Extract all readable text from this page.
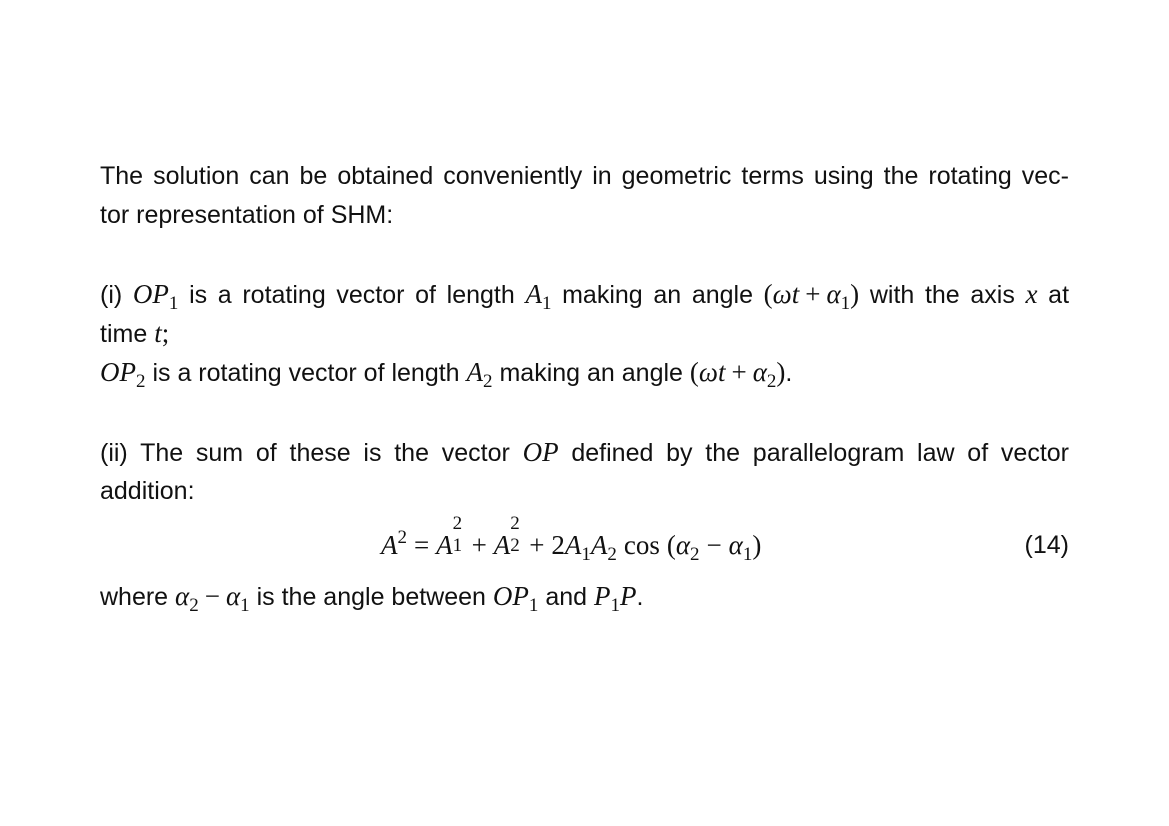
The solution can be obtained conveniently in geometric terms using the rotating vec-
tor representation of SHM:
(i) $OP_1$ is a rotating vector of length $A_1$ making an angle $(\omega t + \alpha_1)$ with the axis x at
time t;
$OP_2$ is a rotating vector of length $A_2$ making an angle $(\omega t + \alpha_2)$.
(ii) The sum of these is the vector OP defined by the parallelogram law of vector
addition:
$A^2 = A$
2
1 + A
2
$2 + 2A_1A_2$ $\cos (\alpha_2 - \alpha_1)$	(14)
where $\alpha_2 - \alpha_1$ is the angle between $OP_1$ and $P_1P$.
